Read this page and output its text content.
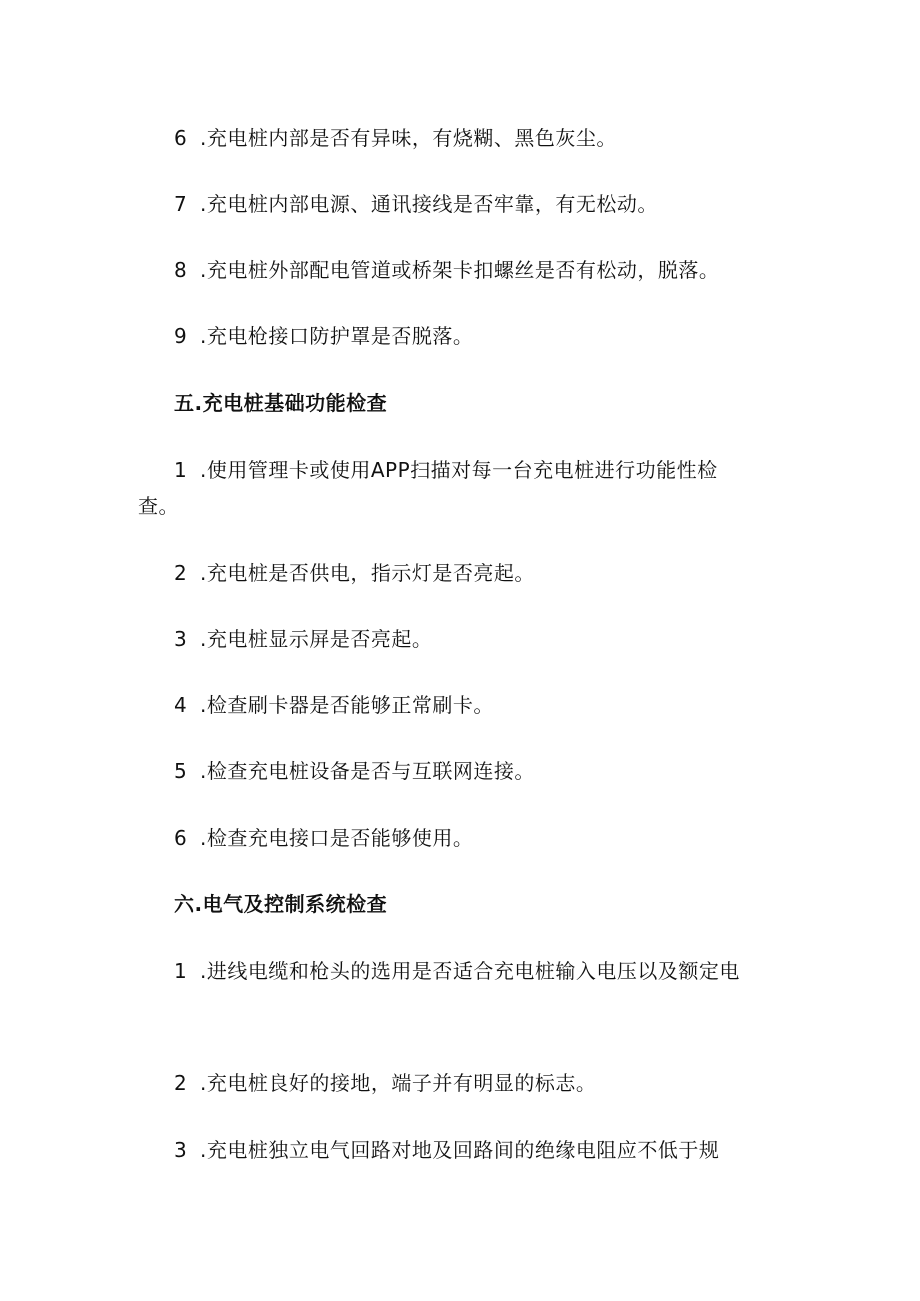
6 .充电桩内部是否有异味，有烧糊、黑色灰尘。
7 .充电桩内部电源、通讯接线是否牢靠，有无松动。
8 .充电桩外部配电管道或桥架卡扣螺丝是否有松动，脱落。
9 .充电枪接口防护罩是否脱落。
五.充电桩基础功能检查
1 .使用管理卡或使用APP扫描对每一台充电桩进行功能性检
查。
2 .充电桩是否供电，指示灯是否亮起。
3 .充电桩显示屏是否亮起。
4 .检查刷卡器是否能够正常刷卡。
5 .检查充电桩设备是否与互联网连接。
6 .检查充电接口是否能够使用。
六.电气及控制系统检查
1 .进线电缆和枪头的选用是否适合充电桩输入电压以及额定电
2 .充电桩良好的接地，端子并有明显的标志。
3 .充电桩独立电气回路对地及回路间的绝缘电阻应不低于规
